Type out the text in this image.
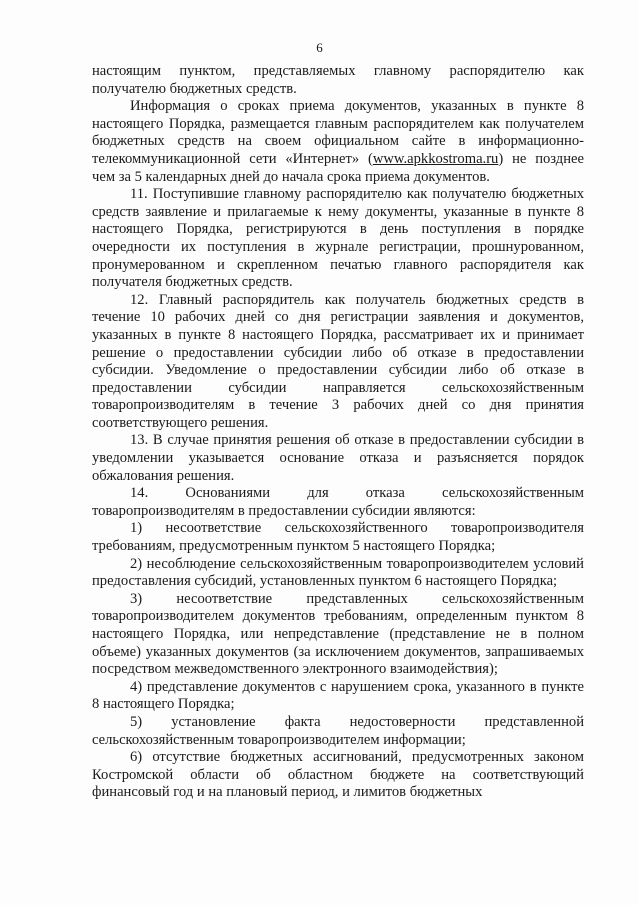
6

настоящим пунктом, представляемых главному распорядителю как получателю бюджетных средств.

Информация о сроках приема документов, указанных в пункте 8 настоящего Порядка, размещается главным распорядителем как получателем бюджетных средств на своем официальном сайте в информационно-телекоммуникационной сети «Интернет» (www.apkkostroma.ru) не позднее чем за 5 календарных дней до начала срока приема документов.

11. Поступившие главному распорядителю как получателю бюджетных средств заявление и прилагаемые к нему документы, указанные в пункте 8 настоящего Порядка, регистрируются в день поступления в порядке очередности их поступления в журнале регистрации, прошнурованном, пронумерованном и скрепленном печатью главного распорядителя как получателя бюджетных средств.

12. Главный распорядитель как получатель бюджетных средств в течение 10 рабочих дней со дня регистрации заявления и документов, указанных в пункте 8 настоящего Порядка, рассматривает их и принимает решение о предоставлении субсидии либо об отказе в предоставлении субсидии. Уведомление о предоставлении субсидии либо об отказе в предоставлении субсидии направляется сельскохозяйственным товаропроизводителям в течение 3 рабочих дней со дня принятия соответствующего решения.

13. В случае принятия решения об отказе в предоставлении субсидии в уведомлении указывается основание отказа и разъясняется порядок обжалования решения.

14. Основаниями для отказа сельскохозяйственным товаропроизводителям в предоставлении субсидии являются:

1) несоответствие сельскохозяйственного товаропроизводителя требованиям, предусмотренным пунктом 5 настоящего Порядка;

2) несоблюдение сельскохозяйственным товаропроизводителем условий предоставления субсидий, установленных пунктом 6 настоящего Порядка;

3) несоответствие представленных сельскохозяйственным товаропроизводителем документов требованиям, определенным пунктом 8 настоящего Порядка, или непредставление (представление не в полном объеме) указанных документов (за исключением документов, запрашиваемых посредством межведомственного электронного взаимодействия);

4) представление документов с нарушением срока, указанного в пункте 8 настоящего Порядка;

5) установление факта недостоверности представленной сельскохозяйственным товаропроизводителем информации;

6) отсутствие бюджетных ассигнований, предусмотренных законом Костромской области об областном бюджете на соответствующий финансовый год и на плановый период, и лимитов бюджетных
